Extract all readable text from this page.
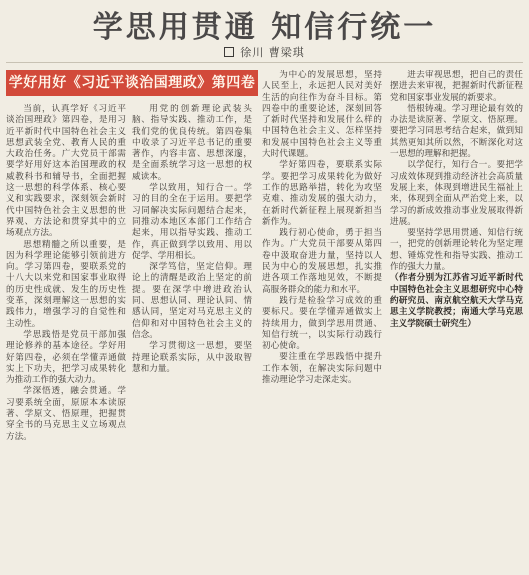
学思用贯通 知信行统一
徐川 曹梁琪
学好用好《习近平谈治国理政》第四卷

当前，认真学好《习近平谈治国理政》第四卷，是用习近平新时代中国特色社会主义思想武装全党、教育人民的重大政治任务。广大党员干部需要学好用好这本治国理政的权威教科书和辅导书，全面把握这一思想的科学体系、核心要义和实践要求，深刻领会新时代中国特色社会主义思想的世界观、方法论和贯穿其中的立场观点方法。

思想精髓之所以重要，是因为科学理论能够引领前进方向。学习第四卷，要联系党的十八大以来党和国家事业取得的历史性成就、发生的历史性变革，深刻理解这一思想的实践伟力，增强学习的自觉性和主动性。

学思践悟是党员干部加强理论修养的基本途径。学好用好第四卷，必须在学懂弄通做实上下功夫，把学习成果转化为推动工作的强大动力。

学深悟透，融会贯通。学习要系统全面，原原本本读原著、学原文、悟原理，把握贯穿全书的马克思主义立场观点方法。

用党的创新理论武装头脑、指导实践、推动工作，是我们党的优良传统。第四卷集中收录了习近平总书记的重要著作，内容丰富、思想深邃，是全面系统学习这一思想的权威读本。

学以致用，知行合一。学习的目的全在于运用。要把学习同解决实际问题结合起来，同推动本地区本部门工作结合起来，用以指导实践、推动工作，真正做到学以致用、用以促学、学用相长。

深学笃信，坚定信仰。理论上的清醒是政治上坚定的前提。要在深学中增进政治认同、思想认同、理论认同、情感认同，坚定对马克思主义的信仰和对中国特色社会主义的信念。

学习贯彻这一思想，要坚持理论联系实际，从中汲取智慧和力量。

为中心的发展思想，坚持人民至上，永远把人民对美好生活的向往作为奋斗目标。第四卷中的重要论述，深刻回答了新时代坚持和发展什么样的中国特色社会主义、怎样坚持和发展中国特色社会主义等重大时代课题。

学好第四卷，要联系实际学。要把学习成果转化为做好工作的思路举措，转化为攻坚克难、推动发展的强大动力，在新时代新征程上展现新担当新作为。

践行初心使命，勇于担当作为。广大党员干部要从第四卷中汲取奋进力量，坚持以人民为中心的发展思想，扎实推进各项工作落地见效，不断提高服务群众的能力和水平。

践行是检验学习成效的重要标尺。要在学懂弄通做实上持续用力，做到学思用贯通、知信行统一，以实际行动践行初心使命。

要注重在学思践悟中提升工作本领，在解决实际问题中推动理论学习走深走实。

进去审视思想，把自己的责任摆进去来审视，把握新时代新征程党和国家事业发展的新要求。

悟根铸魂。学习理论最有效的办法是读原著、学原文、悟原理。要把学习同思考结合起来，做到知其然更知其所以然，不断深化对这一思想的理解和把握。

以学促行，知行合一。要把学习成效体现到推动经济社会高质量发展上来，体现到增进民生福祉上来，体现到全面从严治党上来，以学习的新成效推动事业发展取得新进展。

要坚持学思用贯通、知信行统一，把党的创新理论转化为坚定理想、锤炼党性和指导实践、推动工作的强大力量。

（作者分别为江苏省习近平新时代中国特色社会主义思想研究中心特约研究员、南京航空航天大学马克思主义学院教授；南通大学马克思主义学院硕士研究生）
